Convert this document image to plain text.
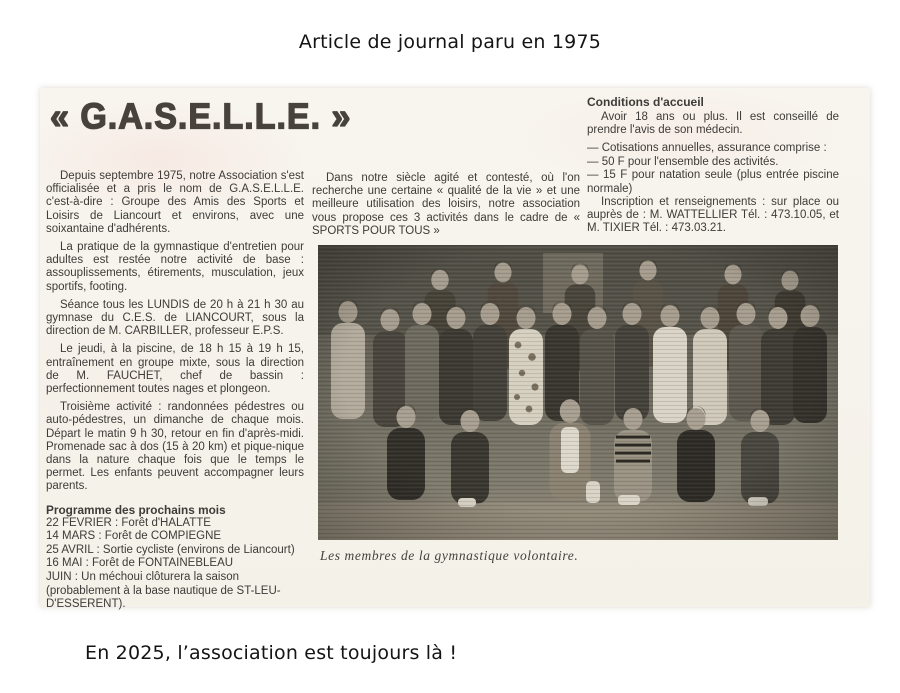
Article de journal paru en 1975
« G.A.S.E.L.L.E. »

Depuis septembre 1975, notre Association s'est officialisée et a pris le nom de G.A.S.E.L.L.E. c'est-à-dire : Groupe des Amis des Sports et Loisirs de Liancourt et environs, avec une soixantaine d'adhérents.

La pratique de la gymnastique d'entretien pour adultes est restée notre activité de base : assouplissements, étirements, musculation, jeux sportifs, footing.

Séance tous les LUNDIS de 20 h à 21 h 30 au gymnase du C.E.S. de LIANCOURT, sous la direction de M. CARBILLER, professeur E.P.S.

Le jeudi, à la piscine, de 18 h 15 à 19 h 15, entraînement en groupe mixte, sous la direction de M. FAUCHET, chef de bassin : perfectionnement toutes nages et plongeon.

Troisième activité : randonnées pédestres ou auto-pédestres, un dimanche de chaque mois. Départ le matin 9 h 30, retour en fin d'après-midi. Promenade sac à dos (15 à 20 km) et pique-nique dans la nature chaque fois que le temps le permet. Les enfants peuvent accompagner leurs parents.

Programme des prochains mois
22 FEVRIER : Forêt d'HALATTE
14 MARS : Forêt de COMPIEGNE
25 AVRIL : Sortie cycliste (environs de Liancourt)
16 MAI : Forêt de FONTAINEBLEAU
JUIN : Un méchoui clôturera la saison (probablement à la base nautique de ST-LEU-D'ESSERENT).

Dans notre siècle agité et contesté, où l'on recherche une certaine « qualité de la vie » et une meilleure utilisation des loisirs, notre association vous propose ces 3 activités dans le cadre de « SPORTS POUR TOUS »

Conditions d'accueil

Avoir 18 ans ou plus. Il est conseillé de prendre l'avis de son médecin.

— Cotisations annuelles, assurance comprise :
— 50 F pour l'ensemble des activités.
— 15 F pour natation seule (plus entrée piscine normale)

Inscription et renseignements : sur place ou auprès de : M. WATTELLIER Tél. : 473.10.05, et M. TIXIER Tél. : 473.03.21.

Les membres de la gymnastique volontaire.
En 2025, l’association est toujours là !
